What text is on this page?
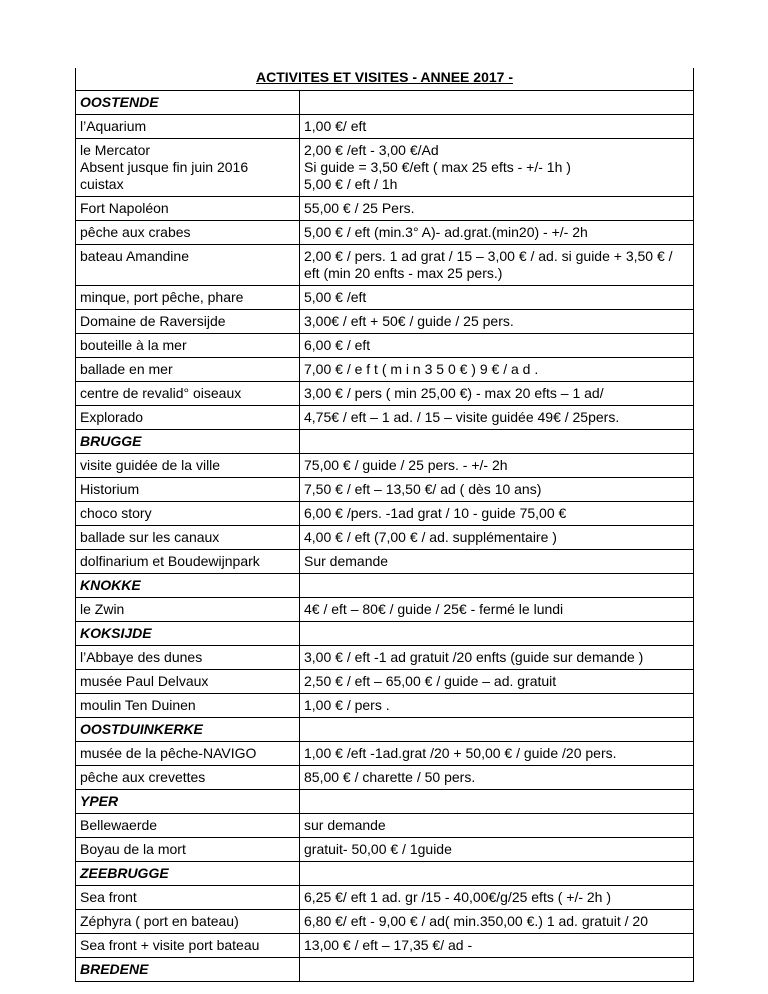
ACTIVITES ET VISITES - ANNEE 2017 -
OOSTENDE	

l’Aquarium	1,00 €/ eft

le Mercator
Absent jusque fin juin 2016
cuistax	2,00 € /eft - 3,00 €/Ad
Si guide = 3,50 €/eft ( max 25 efts - +/- 1h )
5,00 € / eft / 1h

Fort Napoléon	55,00 € / 25 Pers.

pêche aux crabes	5,00 € / eft (min.3° A)- ad.grat.(min20) - +/- 2h

bateau Amandine	2,00 € / pers. 1 ad grat / 15 – 3,00 € / ad. si guide + 3,50 € / eft (min 20 enfts - max 25 pers.)

minque, port pêche, phare	5,00 € /eft

Domaine de Raversijde	3,00€ / eft + 50€ / guide / 25 pers.

bouteille à la mer	6,00 € / eft

ballade en mer	7,00 € / e f t ( m i n 3 5 0 € ) 9 € / a d .

centre de revalid° oiseaux	3,00 € / pers ( min 25,00 €) - max 20 efts – 1 ad/

Explorado	4,75€ / eft – 1 ad. / 15 – visite guidée 49€ / 25pers.

BRUGGE	

visite guidée de la ville	75,00 € / guide / 25 pers. - +/- 2h

Historium	7,50 € / eft – 13,50 €/ ad ( dès 10 ans)

choco story	6,00 € /pers. -1ad grat / 10 - guide 75,00 €

ballade sur les canaux	4,00 € / eft (7,00 € / ad. supplémentaire )

dolfinarium et Boudewijnpark	Sur demande

KNOKKE	

le Zwin	4€ / eft – 80€ / guide / 25€ - fermé le lundi

KOKSIJDE	

l’Abbaye des dunes	3,00 € / eft -1 ad gratuit /20 enfts (guide sur demande )

musée Paul Delvaux	2,50 € / eft – 65,00 € / guide – ad. gratuit

moulin Ten Duinen	1,00 € / pers .

OOSTDUINKERKE	

musée de la pêche-NAVIGO	1,00 € /eft -1ad.grat /20 + 50,00 € / guide /20 pers.

pêche aux crevettes	85,00 € / charette / 50 pers.

YPER	

Bellewaerde	sur demande

Boyau de la mort	gratuit- 50,00 € / 1guide

ZEEBRUGGE	

Sea front	6,25 €/ eft 1 ad. gr /15 - 40,00€/g/25 efts ( +/- 2h )

Zéphyra ( port en bateau)	6,80 €/ eft - 9,00 € / ad( min.350,00 €.) 1 ad. gratuit / 20

Sea front + visite port bateau	13,00 € / eft – 17,35 €/ ad -

BREDENE	
